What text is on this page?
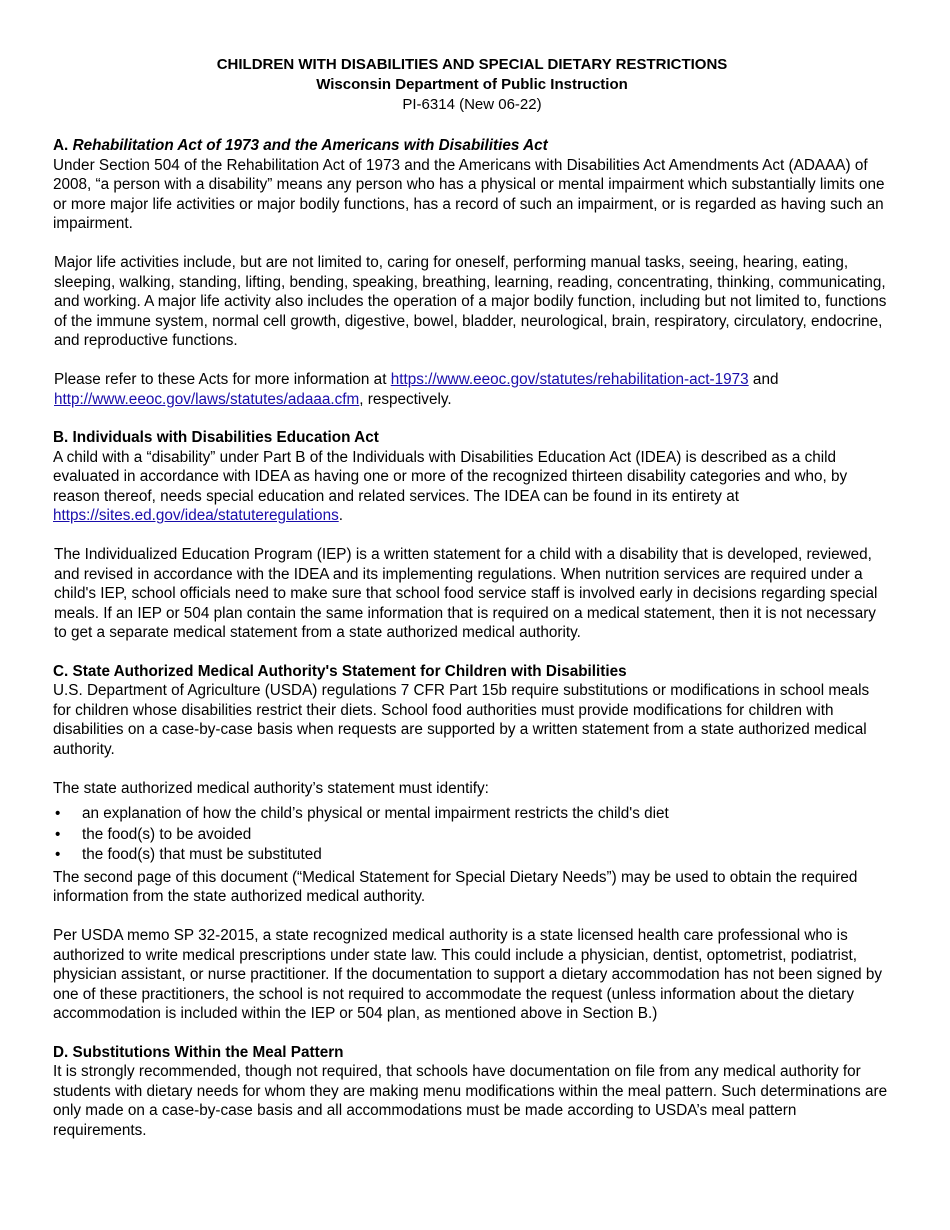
CHILDREN WITH DISABILITIES AND SPECIAL DIETARY RESTRICTIONS
Wisconsin Department of Public Instruction
PI-6314 (New 06-22)
A. Rehabilitation Act of 1973 and the Americans with Disabilities Act

Under Section 504 of the Rehabilitation Act of 1973 and the Americans with Disabilities Act Amendments Act (ADAAA) of 2008, “a person with a disability” means any person who has a physical or mental impairment which substantially limits one or more major life activities or major bodily functions, has a record of such an impairment, or is regarded as having such an impairment.

Major life activities include, but are not limited to, caring for oneself, performing manual tasks, seeing, hearing, eating, sleeping, walking, standing, lifting, bending, speaking, breathing, learning, reading, concentrating, thinking, communicating, and working. A major life activity also includes the operation of a major bodily function, including but not limited to, functions of the immune system, normal cell growth, digestive, bowel, bladder, neurological, brain, respiratory, circulatory, endocrine, and reproductive functions.

Please refer to these Acts for more information at https://www.eeoc.gov/statutes/rehabilitation-act-1973 and http://www.eeoc.gov/laws/statutes/adaaa.cfm, respectively.

B. Individuals with Disabilities Education Act

A child with a “disability” under Part B of the Individuals with Disabilities Education Act (IDEA) is described as a child evaluated in accordance with IDEA as having one or more of the recognized thirteen disability categories and who, by reason thereof, needs special education and related services. The IDEA can be found in its entirety at https://sites.ed.gov/idea/statuteregulations.

The Individualized Education Program (IEP) is a written statement for a child with a disability that is developed, reviewed, and revised in accordance with the IDEA and its implementing regulations. When nutrition services are required under a child's IEP, school officials need to make sure that school food service staff is involved early in decisions regarding special meals. If an IEP or 504 plan contain the same information that is required on a medical statement, then it is not necessary to get a separate medical statement from a state authorized medical authority.

C. State Authorized Medical Authority's Statement for Children with Disabilities

U.S. Department of Agriculture (USDA) regulations 7 CFR Part 15b require substitutions or modifications in school meals for children whose disabilities restrict their diets. School food authorities must provide modifications for children with disabilities on a case-by-case basis when requests are supported by a written statement from a state authorized medical authority.

The state authorized medical authority’s statement must identify:

• an explanation of how the child’s physical or mental impairment restricts the child's diet
• the food(s) to be avoided
• the food(s) that must be substituted

The second page of this document (“Medical Statement for Special Dietary Needs”) may be used to obtain the required information from the state authorized medical authority.

Per USDA memo SP 32-2015, a state recognized medical authority is a state licensed health care professional who is authorized to write medical prescriptions under state law. This could include a physician, dentist, optometrist, podiatrist, physician assistant, or nurse practitioner. If the documentation to support a dietary accommodation has not been signed by one of these practitioners, the school is not required to accommodate the request (unless information about the dietary accommodation is included within the IEP or 504 plan, as mentioned above in Section B.)

D. Substitutions Within the Meal Pattern

It is strongly recommended, though not required, that schools have documentation on file from any medical authority for students with dietary needs for whom they are making menu modifications within the meal pattern. Such determinations are only made on a case-by-case basis and all accommodations must be made according to USDA’s meal pattern requirements.
